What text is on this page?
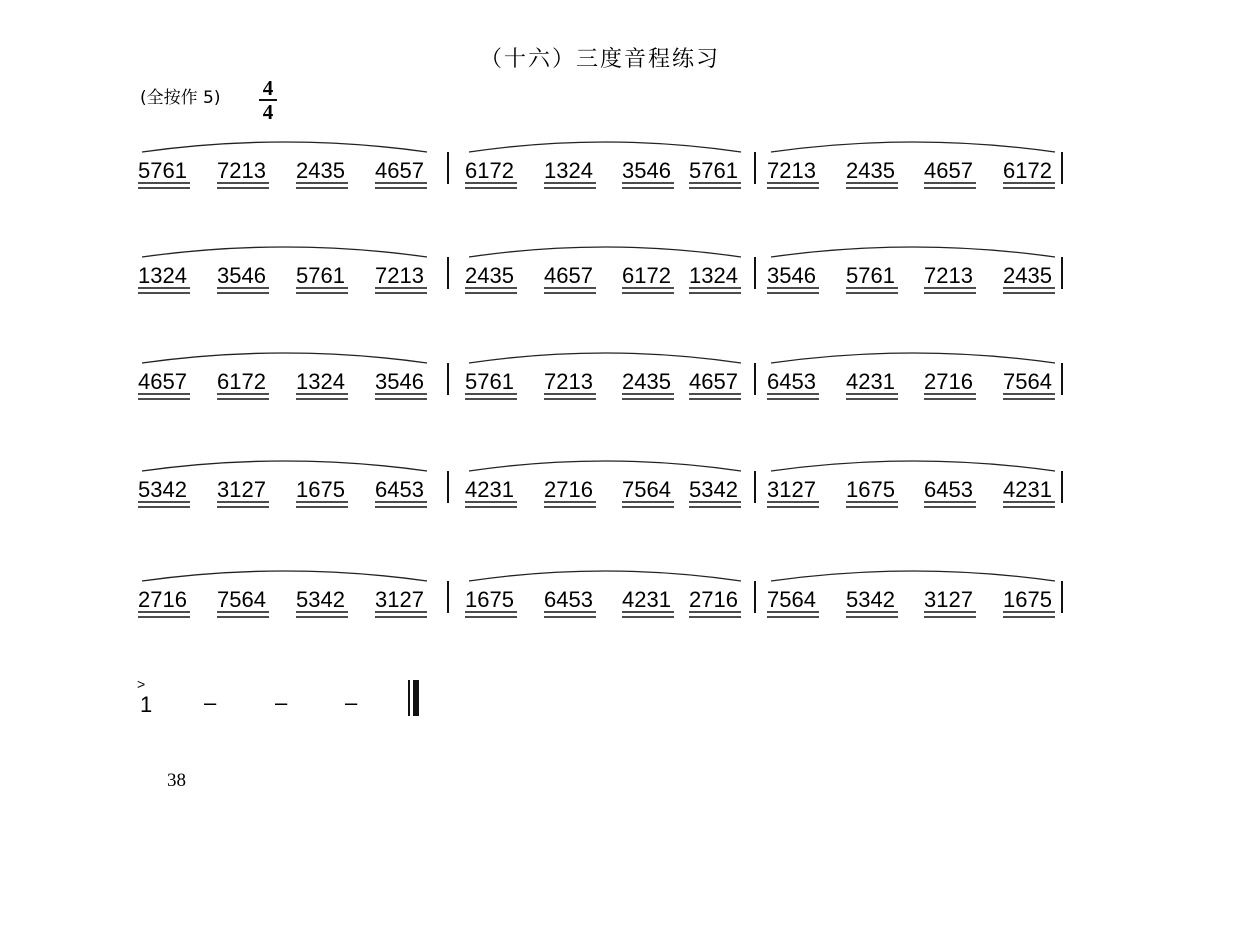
（十六）三度音程练习
(全按作 5) 4
4
5761 7213 2435 4657 6172 1324 3546 5761 7213 2435 4657 6172
1324 3546 5761 7213 2435 4657 6172 1324 3546 5761 7213 2435
4657 6172 1324 3546 5761 7213 2435 4657 6453 4231 2716 7564
5342 3127 1675 6453 4231 2716 7564 5342 3127 1675 6453 4231
2716 7564 5342 3127 1675 6453 4231 2716 7564 5342 3127 1675
>
1 –	–	–
38
